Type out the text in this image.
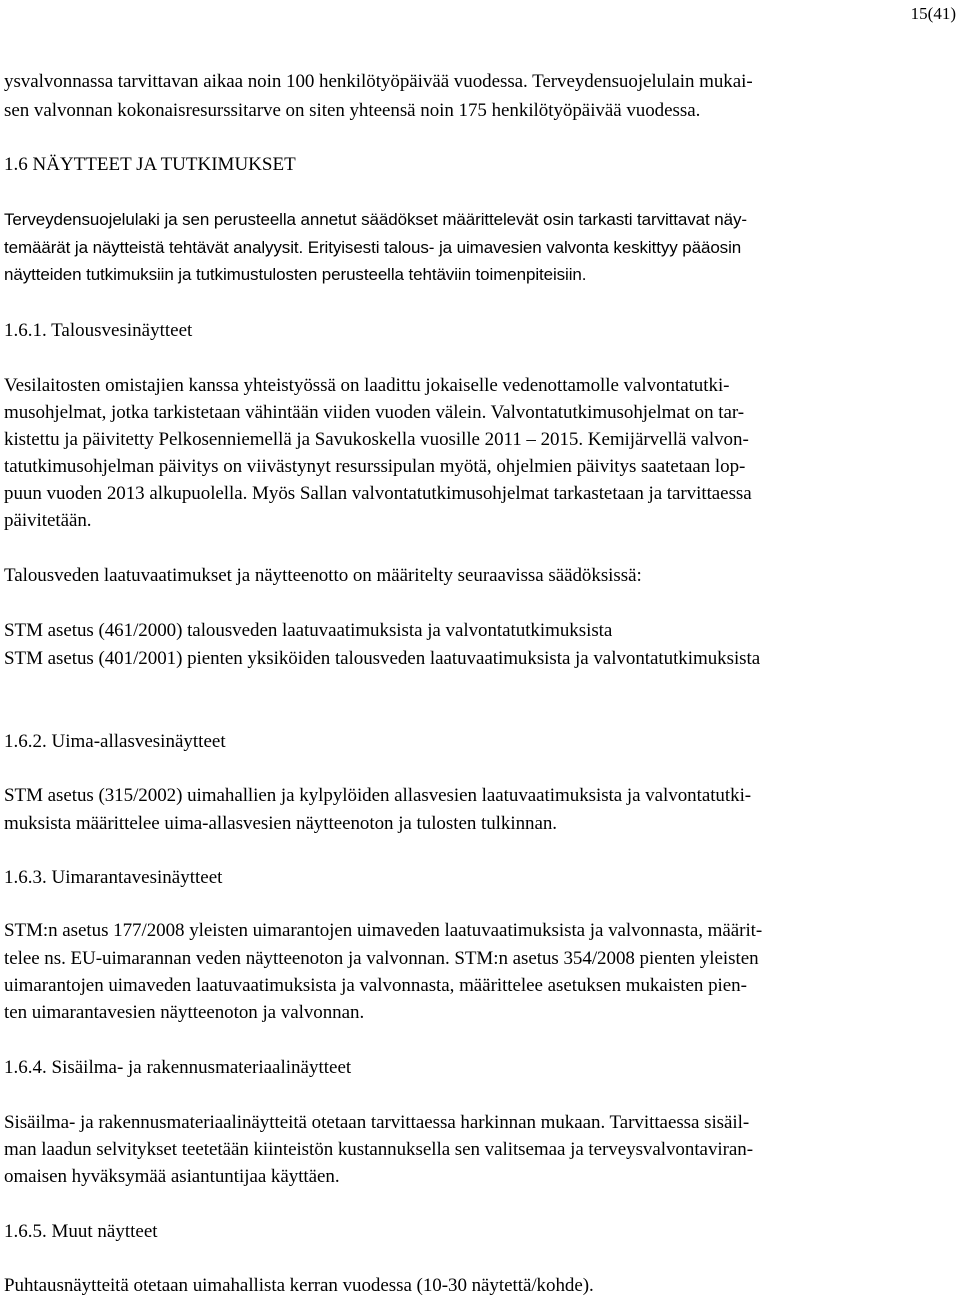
15(41)

ysvalvonnassa tarvittavan aikaa noin 100 henkilötyöpäivää vuodessa. Terveydensuojelulain mukai-

sen valvonnan kokonaisresurssitarve on siten yhteensä noin 175 henkilötyöpäivää vuodessa.

1.6 NÄYTTEET JA TUTKIMUKSET

Terveydensuojelulaki ja sen perusteella annetut säädökset määrittelevät osin tarkasti tarvittavat näy-

temäärät ja näytteistä tehtävät analyysit. Erityisesti talous- ja uimavesien valvonta keskittyy pääosin

näytteiden tutkimuksiin ja tutkimustulosten perusteella tehtäviin toimenpiteisiin.

1.6.1. Talousvesinäytteet

Vesilaitosten omistajien kanssa yhteistyössä on laadittu jokaiselle vedenottamolle valvontatutki-

musohjelmat, jotka tarkistetaan vähintään viiden vuoden välein. Valvontatutkimusohjelmat on tar-

kistettu ja päivitetty Pelkosenniemellä ja Savukoskella vuosille 2011 – 2015. Kemijärvellä valvon-

tatutkimusohjelman päivitys on viivästynyt resurssipulan myötä, ohjelmien päivitys saatetaan lop-

puun vuoden 2013 alkupuolella. Myös Sallan valvontatutkimusohjelmat tarkastetaan ja tarvittaessa

päivitetään.

Talousveden laatuvaatimukset ja näytteenotto on määritelty seuraavissa säädöksissä:

STM asetus (461/2000) talousveden laatuvaatimuksista ja valvontatutkimuksista

STM asetus (401/2001) pienten yksiköiden talousveden laatuvaatimuksista ja valvontatutkimuksista

1.6.2. Uima-allasvesinäytteet

STM asetus (315/2002) uimahallien ja kylpylöiden allasvesien laatuvaatimuksista ja valvontatutki-

muksista määrittelee uima-allasvesien näytteenoton ja tulosten tulkinnan.

1.6.3. Uimarantavesinäytteet

STM:n asetus 177/2008 yleisten uimarantojen uimaveden laatuvaatimuksista ja valvonnasta, määrit-

telee ns. EU-uimarannan veden näytteenoton ja valvonnan. STM:n asetus 354/2008 pienten yleisten

uimarantojen uimaveden laatuvaatimuksista ja valvonnasta, määrittelee asetuksen mukaisten pien-

ten uimarantavesien näytteenoton ja valvonnan.

1.6.4. Sisäilma- ja rakennusmateriaalinäytteet

Sisäilma- ja rakennusmateriaalinäytteitä otetaan tarvittaessa harkinnan mukaan. Tarvittaessa sisäil-

man laadun selvitykset teetetään kiinteistön kustannuksella sen valitsemaa ja terveysvalvontaviran-

omaisen hyväksymää asiantuntijaa käyttäen.

1.6.5. Muut näytteet

Puhtausnäytteitä otetaan uimahallista kerran vuodessa (10-30 näytettä/kohde).
